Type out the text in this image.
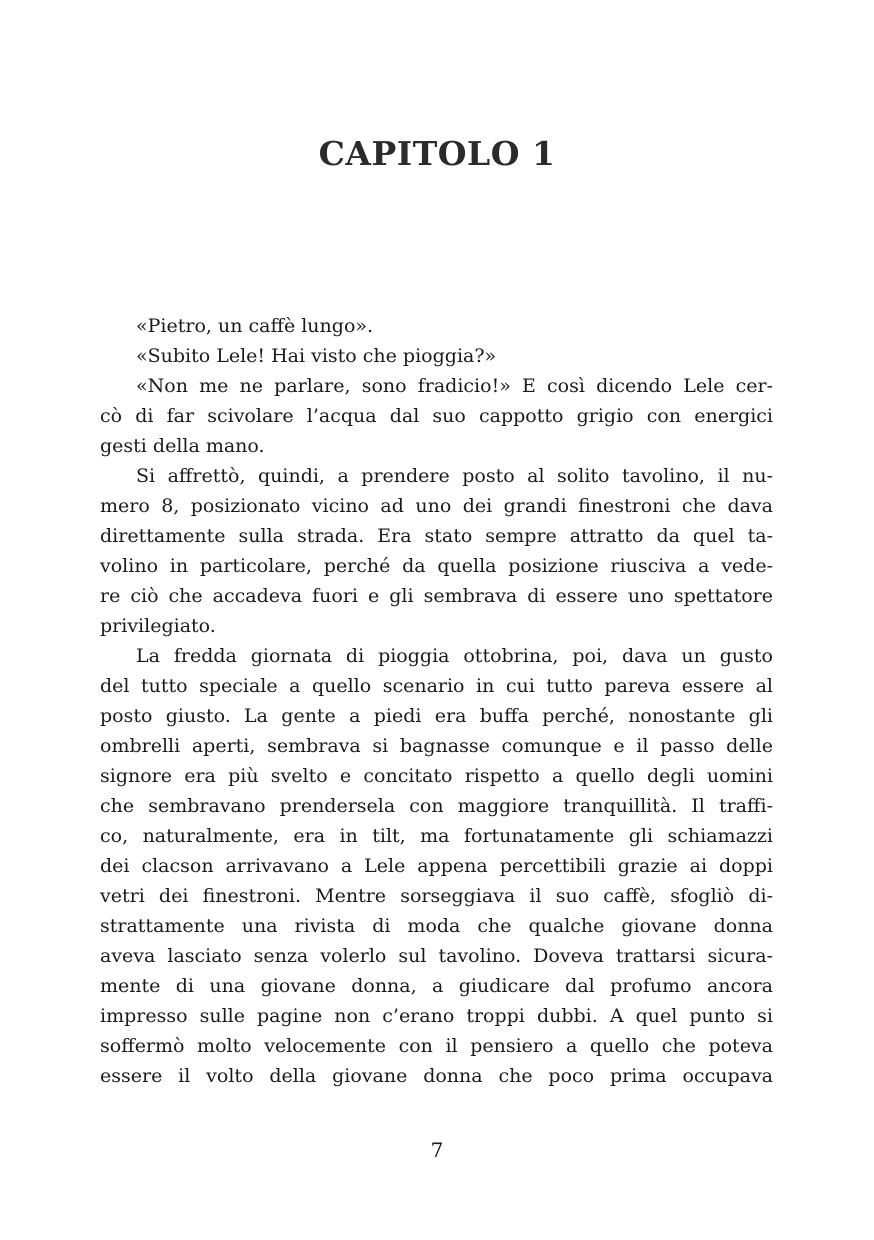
CAPITOLO 1
«Pietro, un caffè lungo».
«Subito Lele! Hai visto che pioggia?»
«Non me ne parlare, sono fradicio!» E così dicendo Lele cer-
cò di far scivolare l’acqua dal suo cappotto grigio con energici
gesti della mano.
Si affrettò, quindi, a prendere posto al solito tavolino, il nu-
mero 8, posizionato vicino ad uno dei grandi finestroni che dava
direttamente sulla strada. Era stato sempre attratto da quel ta-
volino in particolare, perché da quella posizione riusciva a vede-
re ciò che accadeva fuori e gli sembrava di essere uno spettatore
privilegiato.
La fredda giornata di pioggia ottobrina, poi, dava un gusto
del tutto speciale a quello scenario in cui tutto pareva essere al
posto giusto. La gente a piedi era buffa perché, nonostante gli
ombrelli aperti, sembrava si bagnasse comunque e il passo delle
signore era più svelto e concitato rispetto a quello degli uomini
che sembravano prendersela con maggiore tranquillità. Il traffi-
co, naturalmente, era in tilt, ma fortunatamente gli schiamazzi
dei clacson arrivavano a Lele appena percettibili grazie ai doppi
vetri dei finestroni. Mentre sorseggiava il suo caffè, sfogliò di-
strattamente una rivista di moda che qualche giovane donna
aveva lasciato senza volerlo sul tavolino. Doveva trattarsi sicura-
mente di una giovane donna, a giudicare dal profumo ancora
impresso sulle pagine non c’erano troppi dubbi. A quel punto si
soffermò molto velocemente con il pensiero a quello che poteva
essere il volto della giovane donna che poco prima occupava
7
